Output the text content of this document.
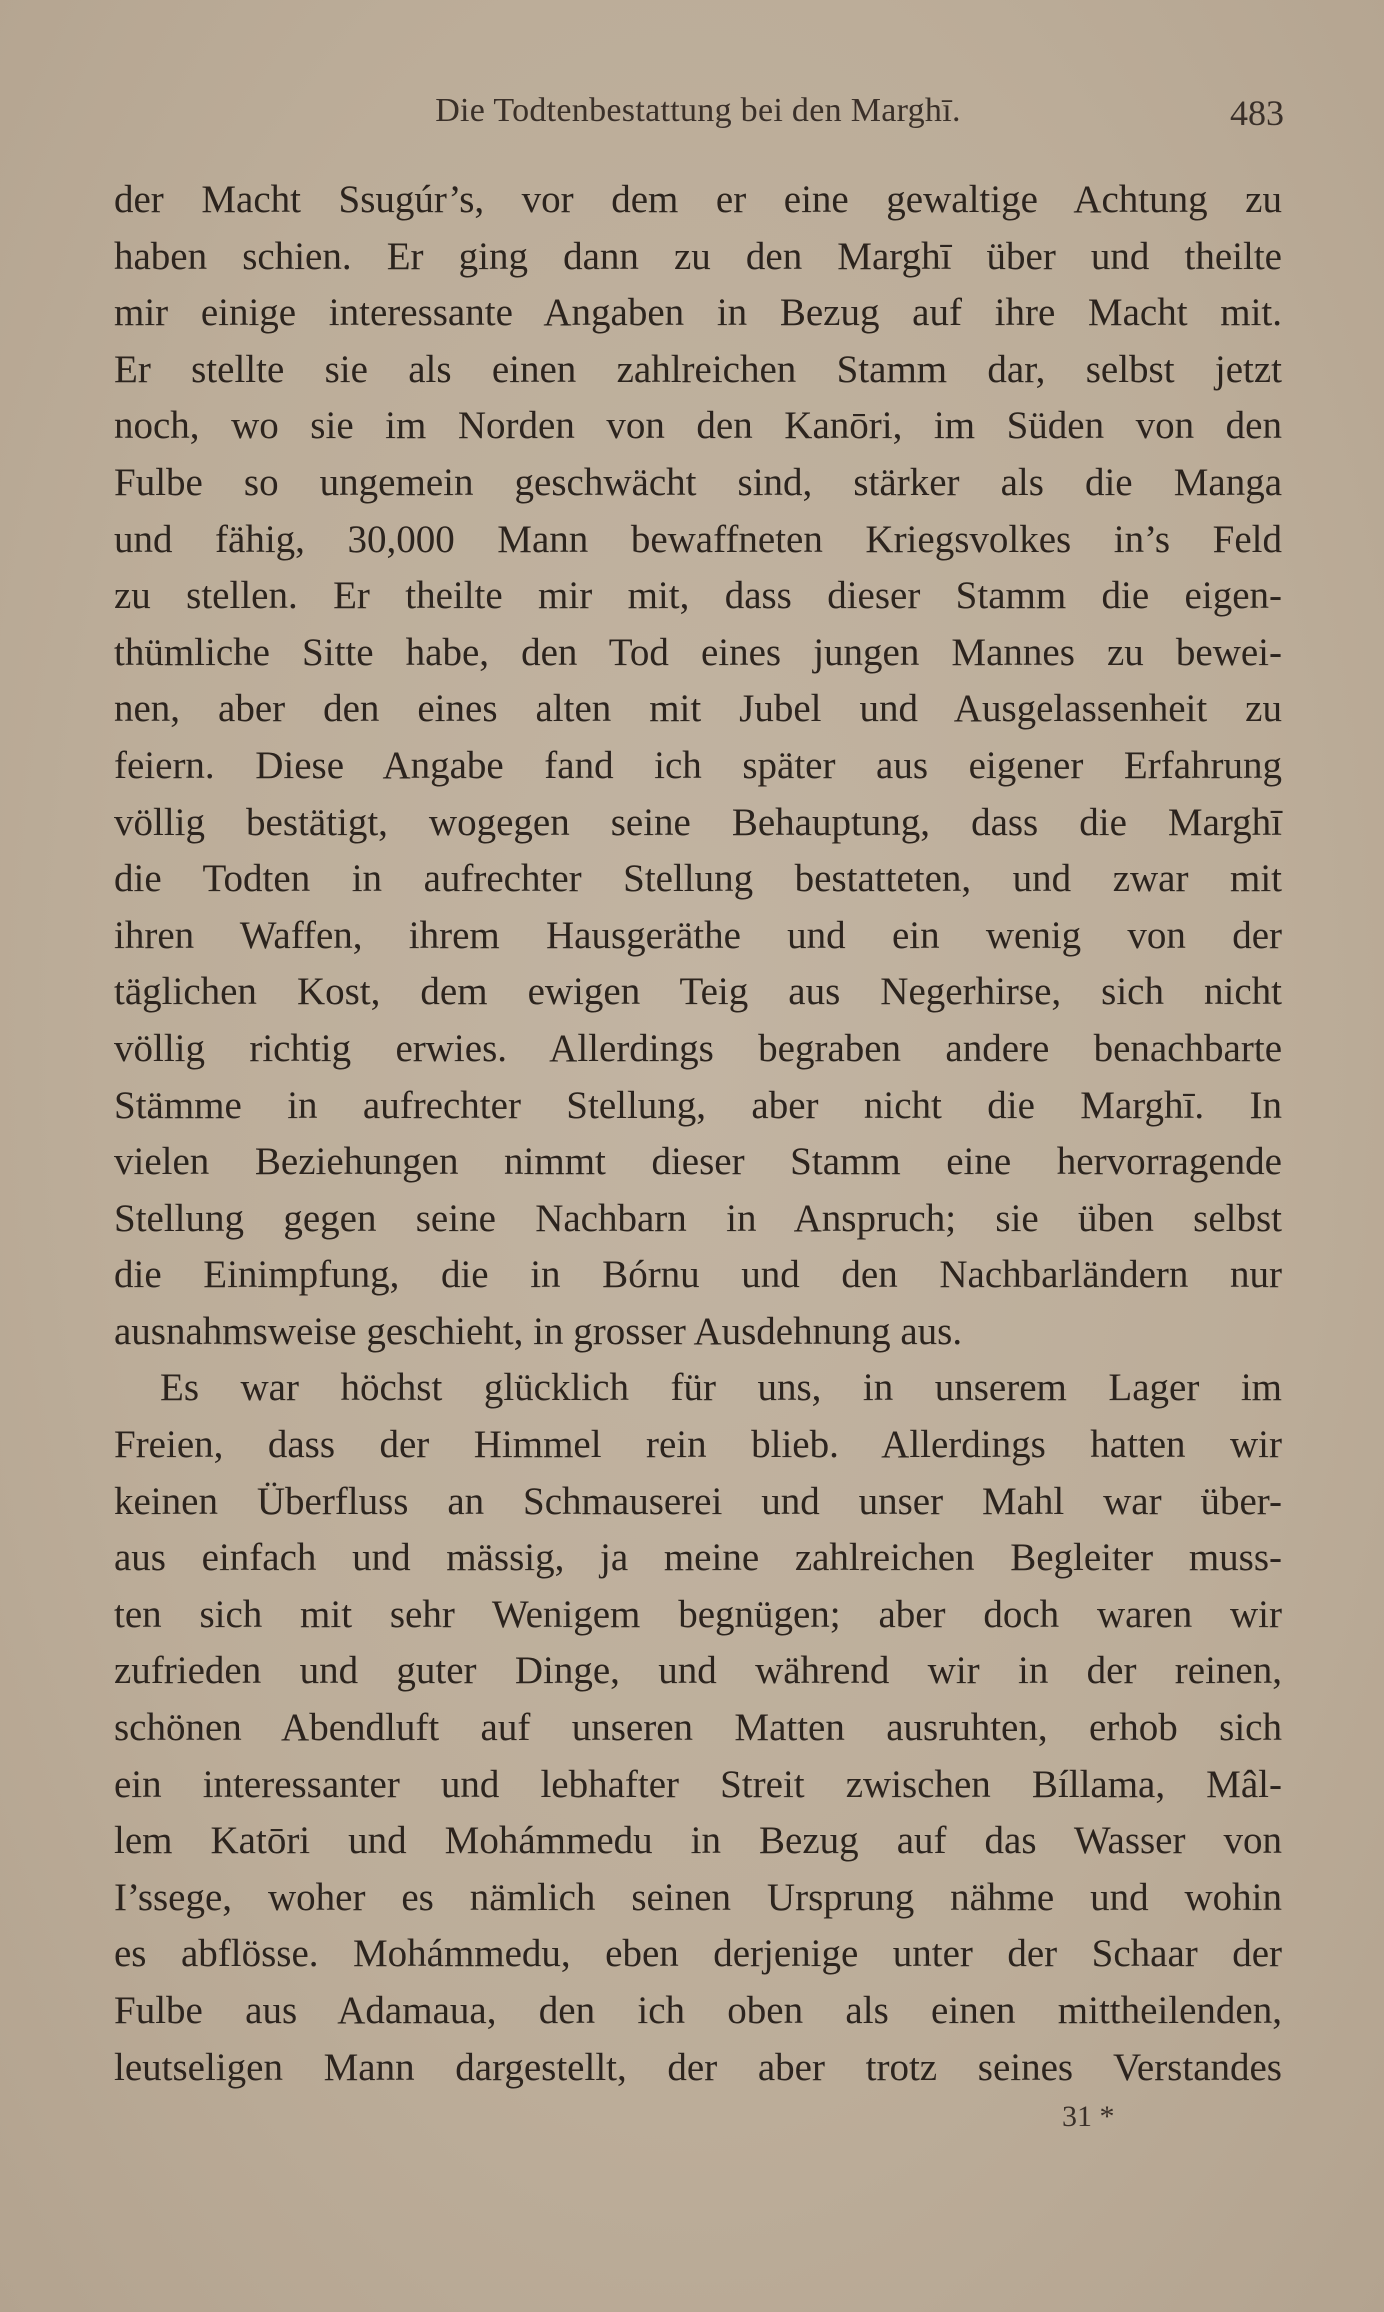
Die Todtenbestattung bei den Marghī.	483
der Macht Ssugúr’s, vor dem er eine gewaltige Achtung zu
haben schien. Er ging dann zu den Marghī über und theilte
mir einige interessante Angaben in Bezug auf ihre Macht mit.
Er stellte sie als einen zahlreichen Stamm dar, selbst jetzt
noch, wo sie im Norden von den Kanōri, im Süden von den
Fulbe so ungemein geschwächt sind, stärker als die Manga
und fähig, 30,000 Mann bewaffneten Kriegsvolkes in’s Feld
zu stellen. Er theilte mir mit, dass dieser Stamm die eigen-
thümliche Sitte habe, den Tod eines jungen Mannes zu bewei-
nen, aber den eines alten mit Jubel und Ausgelassenheit zu
feiern. Diese Angabe fand ich später aus eigener Erfahrung
völlig bestätigt, wogegen seine Behauptung, dass die Marghī
die Todten in aufrechter Stellung bestatteten, und zwar mit
ihren Waffen, ihrem Hausgeräthe und ein wenig von der
täglichen Kost, dem ewigen Teig aus Negerhirse, sich nicht
völlig richtig erwies. Allerdings begraben andere benachbarte
Stämme in aufrechter Stellung, aber nicht die Marghī. In
vielen Beziehungen nimmt dieser Stamm eine hervorragende
Stellung gegen seine Nachbarn in Anspruch; sie üben selbst
die Einimpfung, die in Bórnu und den Nachbarländern nur
ausnahmsweise geschieht, in grosser Ausdehnung aus.
Es war höchst glücklich für uns, in unserem Lager im
Freien, dass der Himmel rein blieb. Allerdings hatten wir
keinen Überfluss an Schmauserei und unser Mahl war über-
aus einfach und mässig, ja meine zahlreichen Begleiter muss-
ten sich mit sehr Wenigem begnügen; aber doch waren wir
zufrieden und guter Dinge, und während wir in der reinen,
schönen Abendluft auf unseren Matten ausruhten, erhob sich
ein interessanter und lebhafter Streit zwischen Bíllama, Mâl-
lem Katōri und Mohámmedu in Bezug auf das Wasser von
I’ssege, woher es nämlich seinen Ursprung nähme und wohin
es abflösse. Mohámmedu, eben derjenige unter der Schaar der
Fulbe aus Adamaua, den ich oben als einen mittheilenden,
leutseligen Mann dargestellt, der aber trotz seines Verstandes
31 *
